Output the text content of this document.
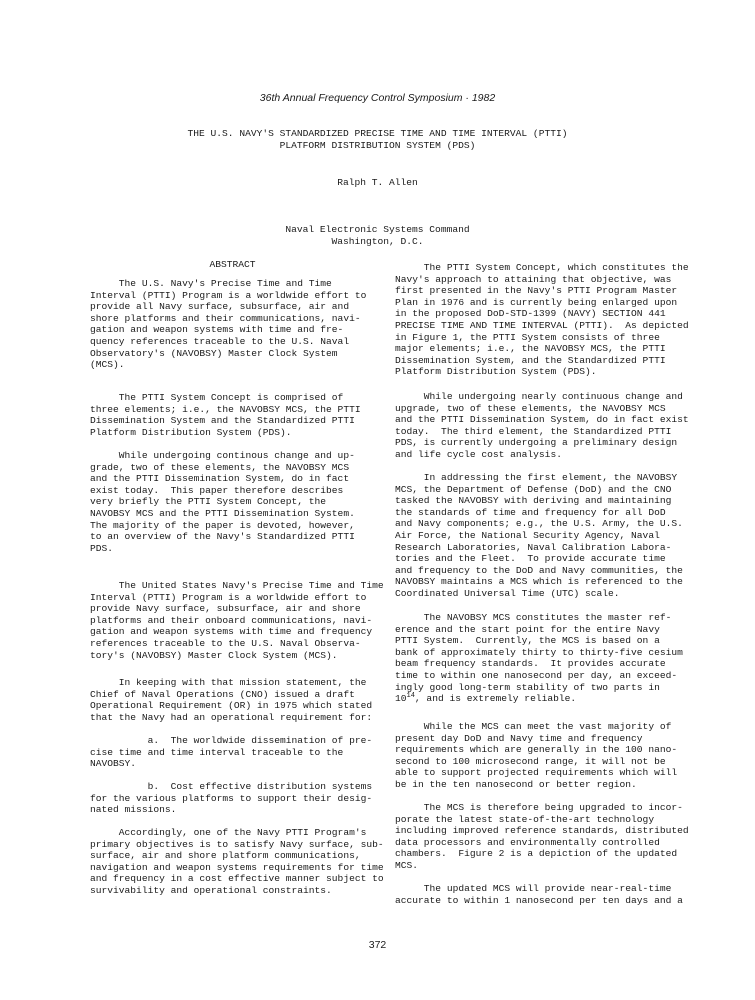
36th Annual Frequency Control Symposium · 1982
THE U.S. NAVY'S STANDARDIZED PRECISE TIME AND TIME INTERVAL (PTTI)
PLATFORM DISTRIBUTION SYSTEM (PDS)
Ralph T. Allen
Naval Electronic Systems Command
Washington, D.C.
ABSTRACT
The U.S. Navy's Precise Time and Time
Interval (PTTI) Program is a worldwide effort to
provide all Navy surface, subsurface, air and
shore platforms and their communications, navi-
gation and weapon systems with time and fre-
quency references traceable to the U.S. Naval
Observatory's (NAVOBSY) Master Clock System
(MCS).
The PTTI System Concept is comprised of
three elements; i.e., the NAVOBSY MCS, the PTTI
Dissemination System and the Standardized PTTI
Platform Distribution System (PDS).
While undergoing continous change and up-
grade, two of these elements, the NAVOBSY MCS
and the PTTI Dissemination System, do in fact
exist today.  This paper therefore describes
very briefly the PTTI System Concept, the
NAVOBSY MCS and the PTTI Dissemination System.
The majority of the paper is devoted, however,
to an overview of the Navy's Standardized PTTI
PDS.
The United States Navy's Precise Time and Time
Interval (PTTI) Program is a worldwide effort to
provide Navy surface, subsurface, air and shore
platforms and their onboard communications, navi-
gation and weapon systems with time and frequency
references traceable to the U.S. Naval Observa-
tory's (NAVOBSY) Master Clock System (MCS).
In keeping with that mission statement, the
Chief of Naval Operations (CNO) issued a draft
Operational Requirement (OR) in 1975 which stated
that the Navy had an operational requirement for:
a.  The worldwide dissemination of pre-
cise time and time interval traceable to the
NAVOBSY.
b.  Cost effective distribution systems
for the various platforms to support their desig-
nated missions.
Accordingly, one of the Navy PTTI Program's
primary objectives is to satisfy Navy surface, sub-
surface, air and shore platform communications,
navigation and weapon systems requirements for time
and frequency in a cost effective manner subject to
survivability and operational constraints.
The PTTI System Concept, which constitutes the
Navy's approach to attaining that objective, was
first presented in the Navy's PTTI Program Master
Plan in 1976 and is currently being enlarged upon
in the proposed DoD-STD-1399 (NAVY) SECTION 441
PRECISE TIME AND TIME INTERVAL (PTTI).  As depicted
in Figure 1, the PTTI System consists of three
major elements; i.e., the NAVOBSY MCS, the PTTI
Dissemination System, and the Standardized PTTI
Platform Distribution System (PDS).
While undergoing nearly continuous change and
upgrade, two of these elements, the NAVOBSY MCS
and the PTTI Dissemination System, do in fact exist
today.  The third element, the Standardized PTTI
PDS, is currently undergoing a preliminary design
and life cycle cost analysis.
In addressing the first element, the NAVOBSY
MCS, the Department of Defense (DoD) and the CNO
tasked the NAVOBSY with deriving and maintaining
the standards of time and frequency for all DoD
and Navy components; e.g., the U.S. Army, the U.S.
Air Force, the National Security Agency, Naval
Research Laboratories, Naval Calibration Labora-
tories and the Fleet.  To provide accurate time
and frequency to the DoD and Navy communities, the
NAVOBSY maintains a MCS which is referenced to the
Coordinated Universal Time (UTC) scale.
The NAVOBSY MCS constitutes the master ref-
erence and the start point for the entire Navy
PTTI System.  Currently, the MCS is based on a
bank of approximately thirty to thirty-five cesium
beam frequency standards.  It provides accurate
time to within one nanosecond per day, an exceed-
ingly good long-term stability of two parts in
$10^{14}$, and is extremely reliable.
While the MCS can meet the vast majority of
present day DoD and Navy time and frequency
requirements which are generally in the 100 nano-
second to 100 microsecond range, it will not be
able to support projected requirements which will
be in the ten nanosecond or better region.
The MCS is therefore being upgraded to incor-
porate the latest state-of-the-art technology
including improved reference standards, distributed
data processors and environmentally controlled
chambers.  Figure 2 is a depiction of the updated
MCS.
The updated MCS will provide near-real-time
accurate to within 1 nanosecond per ten days and a
372
